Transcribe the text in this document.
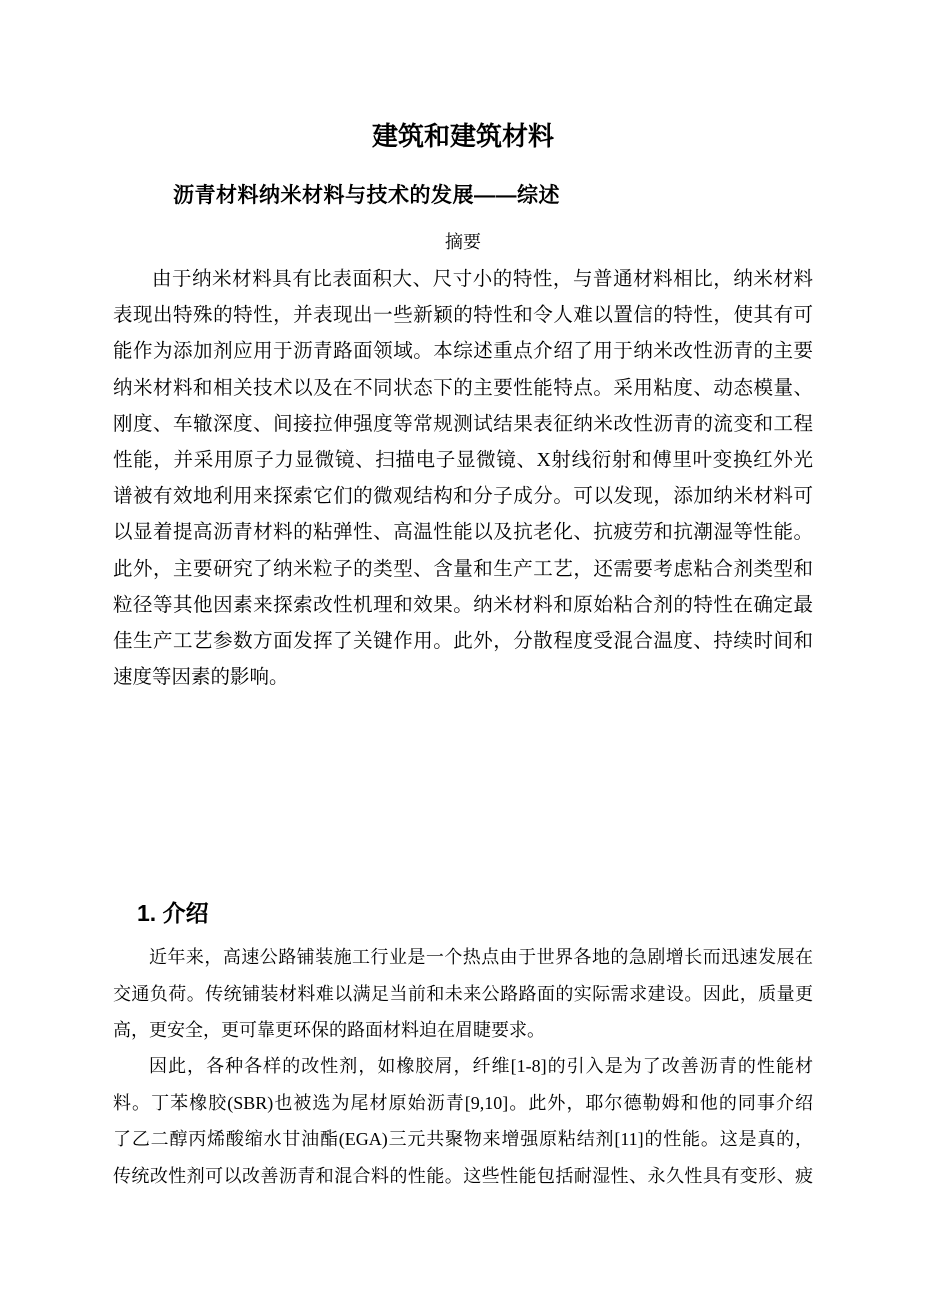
建筑和建筑材料
沥青材料纳米材料与技术的发展——综述
摘要
由于纳米材料具有比表面积大、尺寸小的特性，与普通材料相比，纳米材料
表现出特殊的特性，并表现出一些新颖的特性和令人难以置信的特性，使其有可
能作为添加剂应用于沥青路面领域。本综述重点介绍了用于纳米改性沥青的主要
纳米材料和相关技术以及在不同状态下的主要性能特点。采用粘度、动态模量、
刚度、车辙深度、间接拉伸强度等常规测试结果表征纳米改性沥青的流变和工程
性能，并采用原子力显微镜、扫描电子显微镜、X射线衍射和傅里叶变换红外光
谱被有效地利用来探索它们的微观结构和分子成分。可以发现，添加纳米材料可
以显着提高沥青材料的粘弹性、高温性能以及抗老化、抗疲劳和抗潮湿等性能。
此外，主要研究了纳米粒子的类型、含量和生产工艺，还需要考虑粘合剂类型和
粒径等其他因素来探索改性机理和效果。纳米材料和原始粘合剂的特性在确定最
佳生产工艺参数方面发挥了关键作用。此外，分散程度受混合温度、持续时间和
速度等因素的影响。
1. 介绍
近年来，高速公路铺装施工行业是一个热点由于世界各地的急剧增长而迅速发展在
交通负荷。传统铺装材料难以满足当前和未来公路路面的实际需求建设。因此，质量更
高，更安全，更可靠更环保的路面材料迫在眉睫要求。
因此，各种各样的改性剂，如橡胶屑，纤维[1-8]的引入是为了改善沥青的性能材
料。丁苯橡胶(SBR)也被选为尾材原始沥青[9,10]。此外，耶尔德勒姆和他的同事介绍
了乙二醇丙烯酸缩水甘油酯(EGA)三元共聚物来增强原粘结剂[11]的性能。这是真的，
传统改性剂可以改善沥青和混合料的性能。这些性能包括耐湿性、永久性具有变形、疲
